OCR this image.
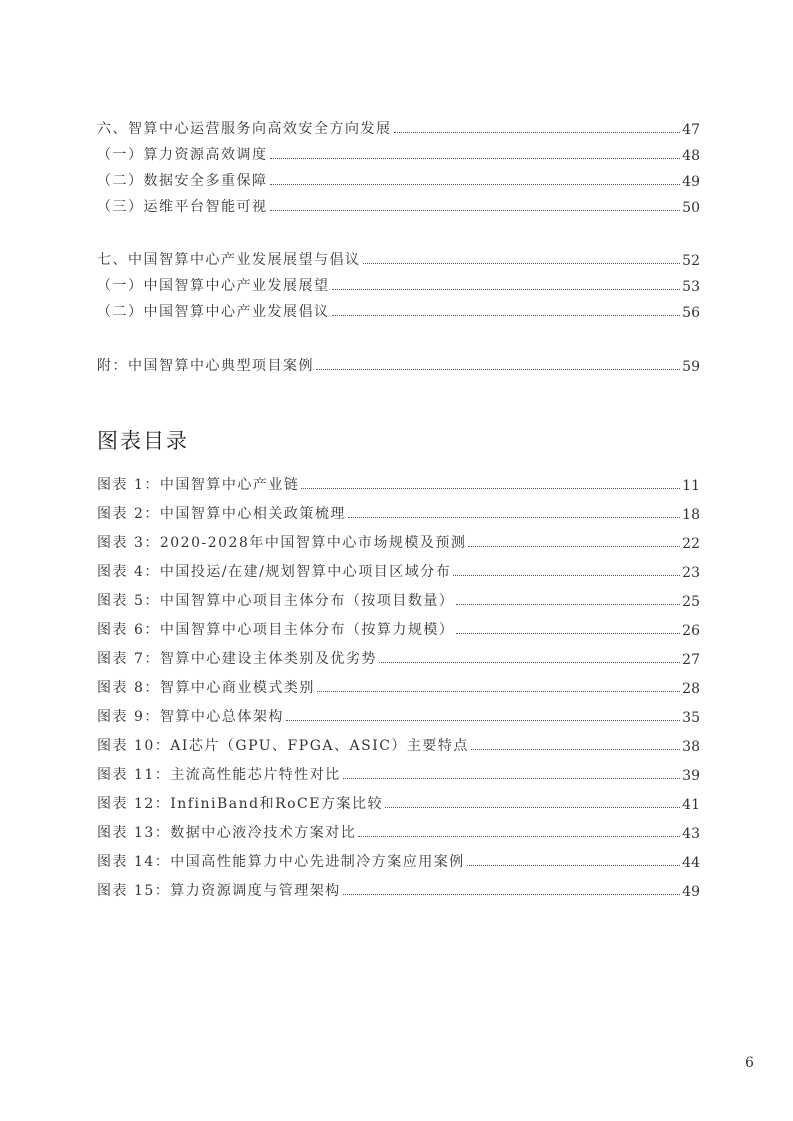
六、智算中心运营服务向高效安全方向发展	47
（一）算力资源高效调度	48
（二）数据安全多重保障	49
（三）运维平台智能可视	50
七、中国智算中心产业发展展望与倡议	52
（一）中国智算中心产业发展展望	53
（二）中国智算中心产业发展倡议	56
附：中国智算中心典型项目案例	59
图表目录
图表 1：中国智算中心产业链	11
图表 2：中国智算中心相关政策梳理	18
图表 3：2020-2028年中国智算中心市场规模及预测	22
图表 4：中国投运/在建/规划智算中心项目区域分布	23
图表 5：中国智算中心项目主体分布（按项目数量）	25
图表 6：中国智算中心项目主体分布（按算力规模）	26
图表 7：智算中心建设主体类别及优劣势	27
图表 8：智算中心商业模式类别	28
图表 9：智算中心总体架构	35
图表 10：AI芯片（GPU、FPGA、ASIC）主要特点	38
图表 11：主流高性能芯片特性对比	39
图表 12：InfiniBand和RoCE方案比较	41
图表 13：数据中心液冷技术方案对比	43
图表 14：中国高性能算力中心先进制冷方案应用案例	44
图表 15：算力资源调度与管理架构	49
6
